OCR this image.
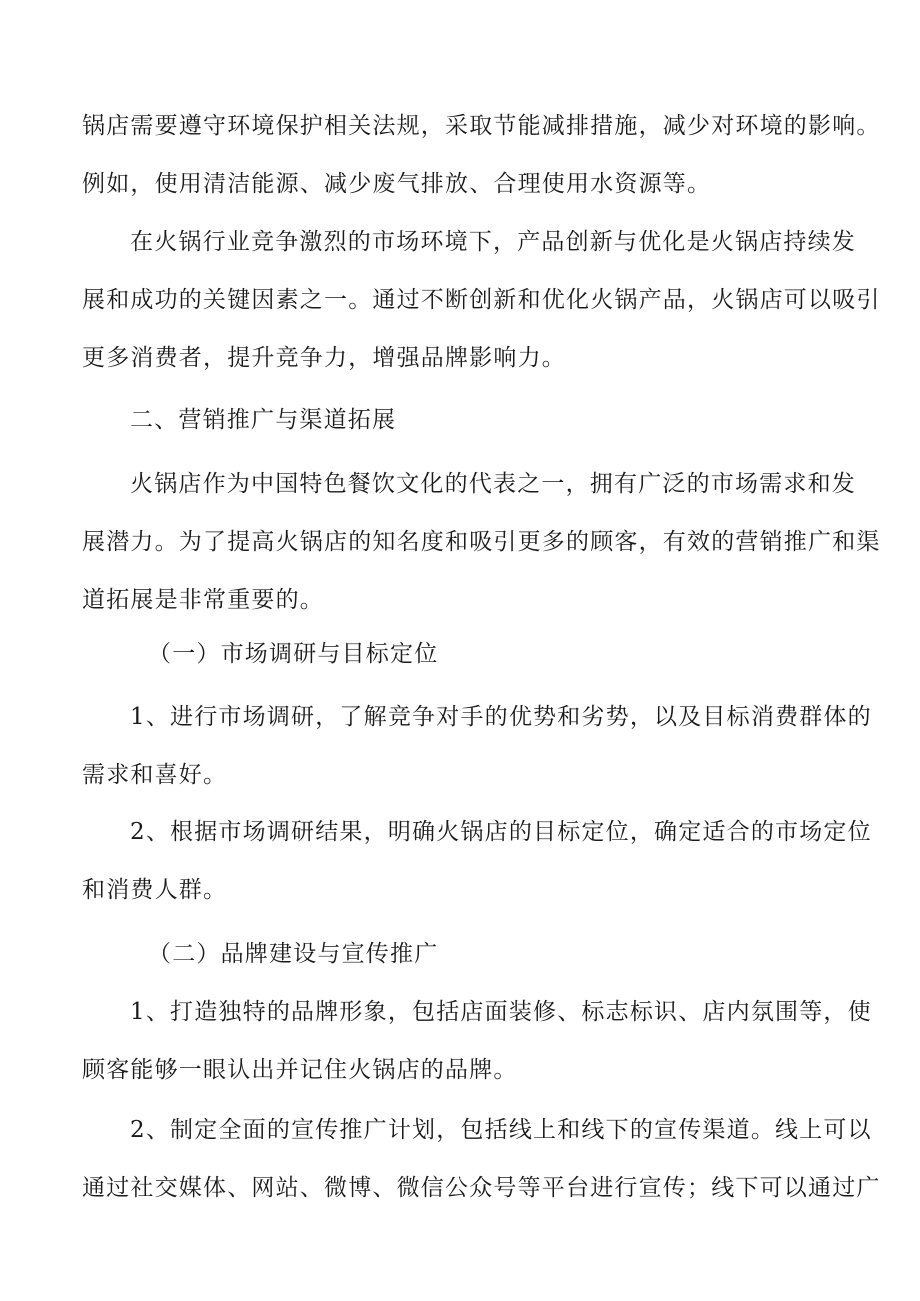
锅店需要遵守环境保护相关法规，采取节能减排措施，减少对环境的影响。
例如，使用清洁能源、减少废气排放、合理使用水资源等。
在火锅行业竞争激烈的市场环境下，产品创新与优化是火锅店持续发
展和成功的关键因素之一。通过不断创新和优化火锅产品，火锅店可以吸引
更多消费者，提升竞争力，增强品牌影响力。
二、营销推广与渠道拓展
火锅店作为中国特色餐饮文化的代表之一，拥有广泛的市场需求和发
展潜力。为了提高火锅店的知名度和吸引更多的顾客，有效的营销推广和渠
道拓展是非常重要的。
（一）市场调研与目标定位
1、进行市场调研，了解竞争对手的优势和劣势，以及目标消费群体的
需求和喜好。
2、根据市场调研结果，明确火锅店的目标定位，确定适合的市场定位
和消费人群。
（二）品牌建设与宣传推广
1、打造独特的品牌形象，包括店面装修、标志标识、店内氛围等，使
顾客能够一眼认出并记住火锅店的品牌。
2、制定全面的宣传推广计划，包括线上和线下的宣传渠道。线上可以
通过社交媒体、网站、微博、微信公众号等平台进行宣传；线下可以通过广
